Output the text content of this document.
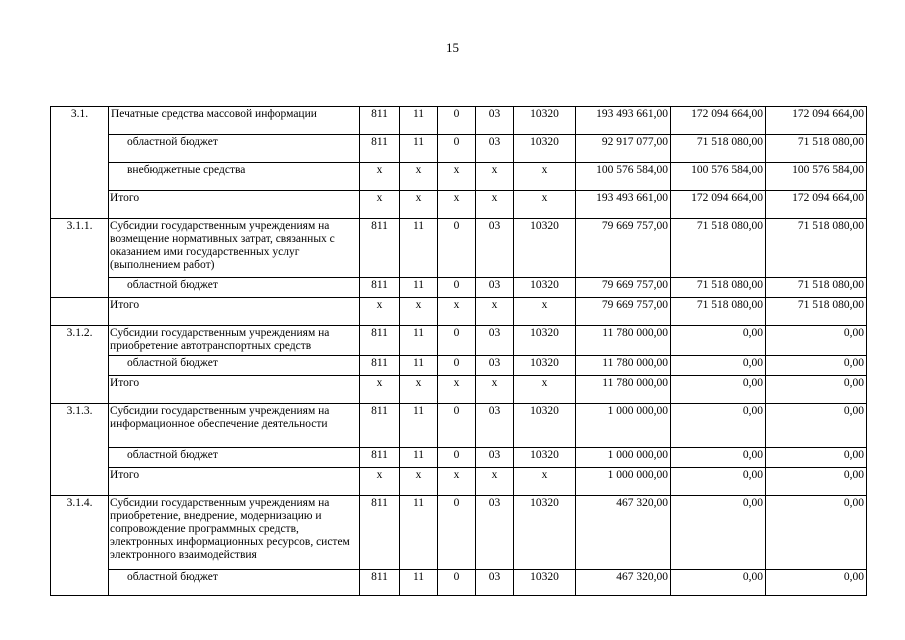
15
3.1.	Печатные средства массовой информации	811	11	0	03	10320	193 493 661,00	172 094 664,00	172 094 664,00
	областной бюджет	811	11	0	03	10320	92 917 077,00	71 518 080,00	71 518 080,00
	внебюджетные средства	х	х	х	х	х	100 576 584,00	100 576 584,00	100 576 584,00
	Итого	х	х	х	х	х	193 493 661,00	172 094 664,00	172 094 664,00
3.1.1.	Субсидии государственным учреждениям на возмещение нормативных затрат, связанных с оказанием ими государственных услуг (выполнением работ)	811	11	0	03	10320	79 669 757,00	71 518 080,00	71 518 080,00
	областной бюджет	811	11	0	03	10320	79 669 757,00	71 518 080,00	71 518 080,00
	Итого	х	х	х	х	х	79 669 757,00	71 518 080,00	71 518 080,00
3.1.2.	Субсидии государственным учреждениям на приобретение автотранспортных средств	811	11	0	03	10320	11 780 000,00	0,00	0,00
	областной бюджет	811	11	0	03	10320	11 780 000,00	0,00	0,00
	Итого	х	х	х	х	х	11 780 000,00	0,00	0,00
3.1.3.	Субсидии государственным учреждениям на информационное обеспечение деятельности	811	11	0	03	10320	1 000 000,00	0,00	0,00
	областной бюджет	811	11	0	03	10320	1 000 000,00	0,00	0,00
	Итого	х	х	х	х	х	1 000 000,00	0,00	0,00
3.1.4.	Субсидии государственным учреждениям на приобретение, внедрение, модернизацию и сопровождение программных средств, электронных информационных ресурсов, систем электронного взаимодействия	811	11	0	03	10320	467 320,00	0,00	0,00
	областной бюджет	811	11	0	03	10320	467 320,00	0,00	0,00
